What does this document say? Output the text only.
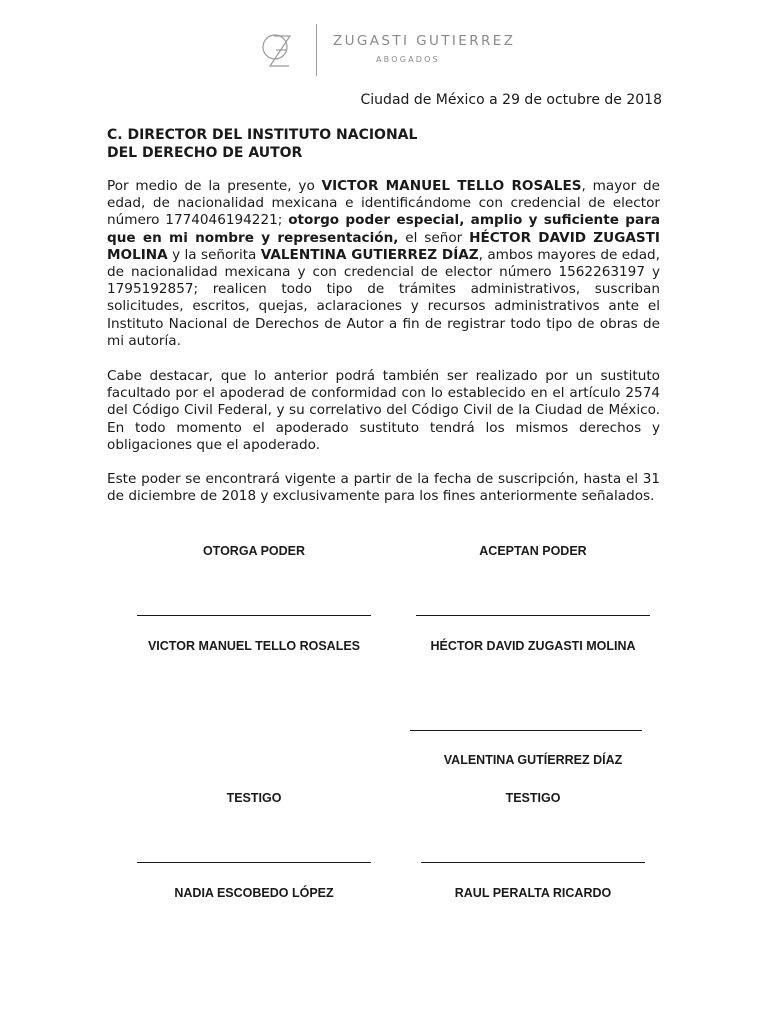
ZUGASTI GUTIERREZ
ABOGADOS
Ciudad de México a 29 de octubre de 2018
C. DIRECTOR DEL INSTITUTO NACIONAL
DEL DERECHO DE AUTOR
Por medio de la presente, yo VICTOR MANUEL TELLO ROSALES, mayor de edad, de nacionalidad mexicana e identificándome con credencial de elector número 1774046194221; otorgo poder especial, amplio y suficiente para que en mi nombre y representación, el señor HÉCTOR DAVID ZUGASTI MOLINA y la señorita VALENTINA GUTIERREZ DÍAZ, ambos mayores de edad, de nacionalidad mexicana y con credencial de elector número 1562263197 y 1795192857; realicen todo tipo de trámites administrativos, suscriban solicitudes, escritos, quejas, aclaraciones y recursos administrativos ante el Instituto Nacional de Derechos de Autor a fin de registrar todo tipo de obras de mi autoría.
Cabe destacar, que lo anterior podrá también ser realizado por un sustituto facultado por el apoderad de conformidad con lo establecido en el artículo 2574 del Código Civil Federal, y su correlativo del Código Civil de la Ciudad de México. En todo momento el apoderado sustituto tendrá los mismos derechos y obligaciones que el apoderado.
Este poder se encontrará vigente a partir de la fecha de suscripción, hasta el 31 de diciembre de 2018 y exclusivamente para los fines anteriormente señalados.
OTORGA PODER	ACEPTAN PODER
VICTOR MANUEL TELLO ROSALES	HÉCTOR DAVID ZUGASTI MOLINA
VALENTINA GUTÍERREZ DÍAZ
TESTIGO	TESTIGO
NADIA ESCOBEDO LÓPEZ	RAUL PERALTA RICARDO
